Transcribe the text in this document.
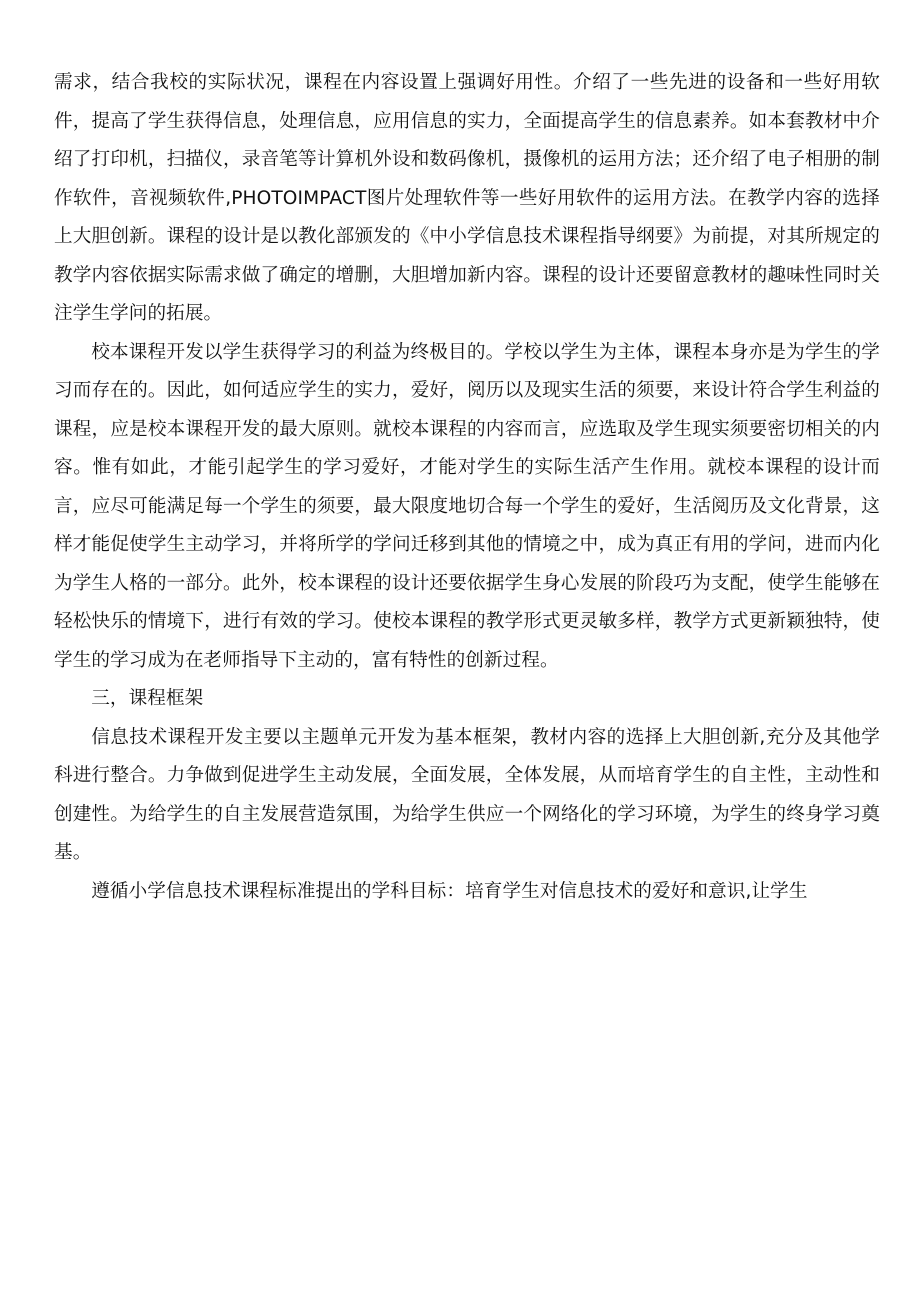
需求，结合我校的实际状况，课程在内容设置上强调好用性。介绍了一些先进的设备和一些好用软件，提高了学生获得信息，处理信息，应用信息的实力，全面提高学生的信息素养。如本套教材中介绍了打印机，扫描仪，录音笔等计算机外设和数码像机，摄像机的运用方法；还介绍了电子相册的制作软件，音视频软件,PHOTOIMPACT图片处理软件等一些好用软件的运用方法。在教学内容的选择上大胆创新。课程的设计是以教化部颁发的《中小学信息技术课程指导纲要》为前提，对其所规定的教学内容依据实际需求做了确定的增删，大胆增加新内容。课程的设计还要留意教材的趣味性同时关注学生学问的拓展。

校本课程开发以学生获得学习的利益为终极目的。学校以学生为主体，课程本身亦是为学生的学习而存在的。因此，如何适应学生的实力，爱好，阅历以及现实生活的须要，来设计符合学生利益的课程，应是校本课程开发的最大原则。就校本课程的内容而言，应选取及学生现实须要密切相关的内容。惟有如此，才能引起学生的学习爱好，才能对学生的实际生活产生作用。就校本课程的设计而言，应尽可能满足每一个学生的须要，最大限度地切合每一个学生的爱好，生活阅历及文化背景，这样才能促使学生主动学习，并将所学的学问迁移到其他的情境之中，成为真正有用的学问，进而内化为学生人格的一部分。此外，校本课程的设计还要依据学生身心发展的阶段巧为支配，使学生能够在轻松快乐的情境下，进行有效的学习。使校本课程的教学形式更灵敏多样，教学方式更新颖独特，使学生的学习成为在老师指导下主动的，富有特性的创新过程。

三，课程框架

信息技术课程开发主要以主题单元开发为基本框架，教材内容的选择上大胆创新,充分及其他学科进行整合。力争做到促进学生主动发展，全面发展，全体发展，从而培育学生的自主性，主动性和创建性。为给学生的自主发展营造氛围，为给学生供应一个网络化的学习环境，为学生的终身学习奠基。

遵循小学信息技术课程标准提出的学科目标：培育学生对信息技术的爱好和意识,让学生
